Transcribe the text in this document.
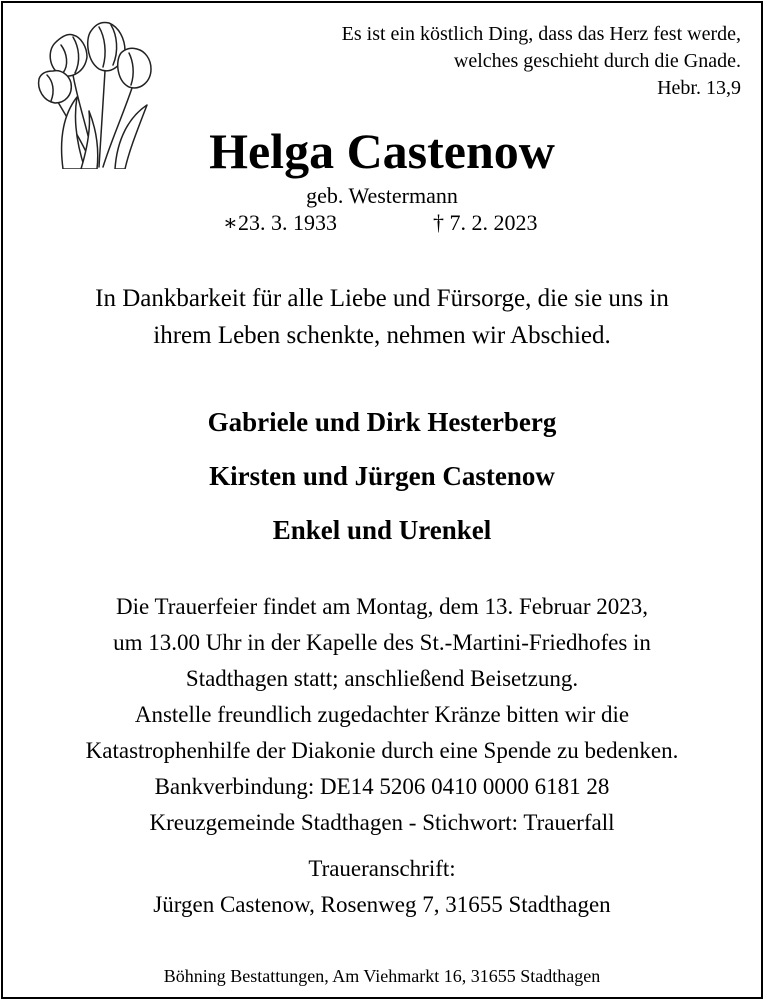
Es ist ein köstlich Ding, dass das Herz fest werde,
welches geschieht durch die Gnade.
Hebr. 13,9
Helga Castenow
geb. Westermann
∗23. 3. 1933	† 7. 2. 2023
In Dankbarkeit für alle Liebe und Fürsorge, die sie uns in
ihrem Leben schenkte, nehmen wir Abschied.
Gabriele und Dirk Hesterberg
Kirsten und Jürgen Castenow
Enkel und Urenkel
Die Trauerfeier findet am Montag, dem 13. Februar 2023,
um 13.00 Uhr in der Kapelle des St.-Martini-Friedhofes in
Stadthagen statt; anschließend Beisetzung.
Anstelle freundlich zugedachter Kränze bitten wir die
Katastrophenhilfe der Diakonie durch eine Spende zu bedenken.
Bankverbindung: DE14 5206 0410 0000 6181 28
Kreuzgemeinde Stadthagen - Stichwort: Trauerfall
Traueranschrift:
Jürgen Castenow, Rosenweg 7, 31655 Stadthagen
Böhning Bestattungen, Am Viehmarkt 16, 31655 Stadthagen
